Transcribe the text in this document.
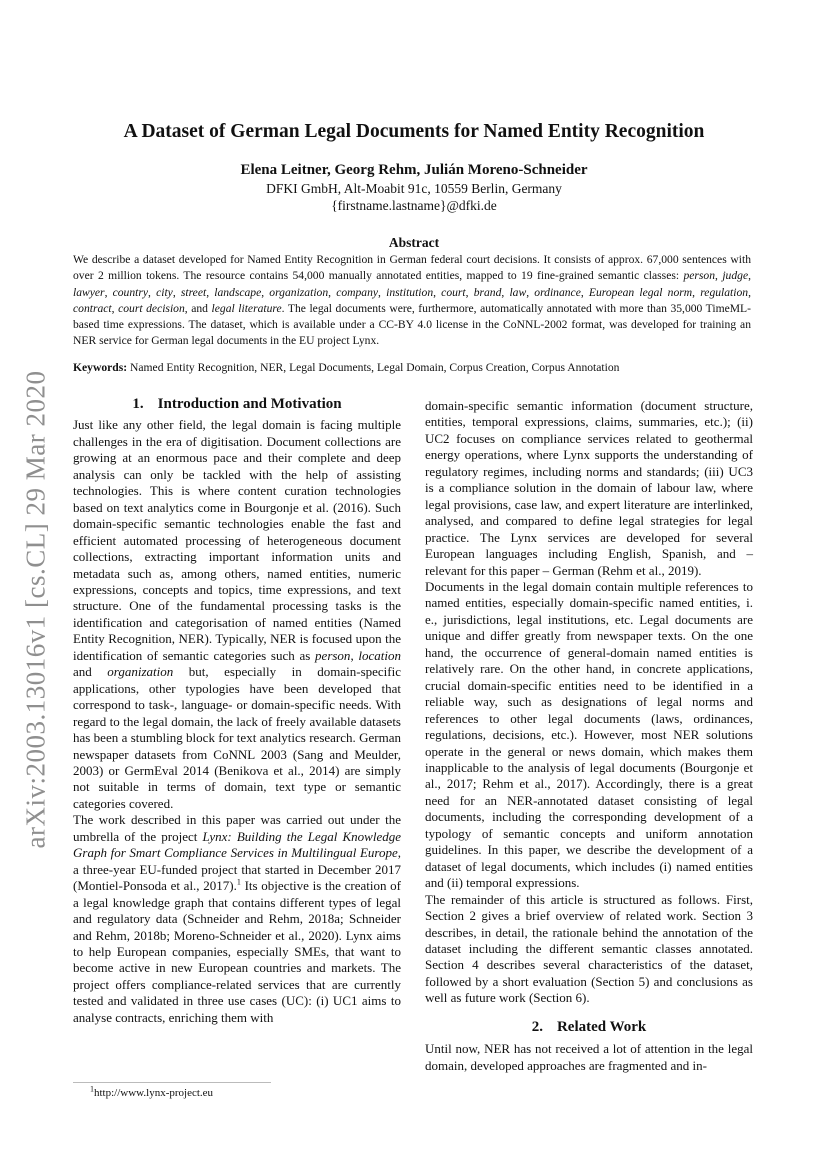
arXiv:2003.13016v1 [cs.CL] 29 Mar 2020
A Dataset of German Legal Documents for Named Entity Recognition
Elena Leitner, Georg Rehm, Julián Moreno-Schneider
DFKI GmbH, Alt-Moabit 91c, 10559 Berlin, Germany
{firstname.lastname}@dfki.de
Abstract

We describe a dataset developed for Named Entity Recognition in German federal court decisions. It consists of approx. 67,000 sentences with over 2 million tokens. The resource contains 54,000 manually annotated entities, mapped to 19 fine-grained semantic classes: person, judge, lawyer, country, city, street, landscape, organization, company, institution, court, brand, law, ordinance, European legal norm, regulation, contract, court decision, and legal literature. The legal documents were, furthermore, automatically annotated with more than 35,000 TimeML-based time expressions. The dataset, which is available under a CC-BY 4.0 license in the CoNNL-2002 format, was developed for training an NER service for German legal documents in the EU project Lynx.

Keywords: Named Entity Recognition, NER, Legal Documents, Legal Domain, Corpus Creation, Corpus Annotation

1. Introduction and Motivation

Just like any other field, the legal domain is facing multiple challenges in the era of digitisation. Document collections are growing at an enormous pace and their complete and deep analysis can only be tackled with the help of assisting technologies. This is where content curation technologies based on text analytics come in Bourgonje et al. (2016). Such domain-specific semantic technologies enable the fast and efficient automated processing of heterogeneous document collections, extracting important information units and metadata such as, among others, named entities, numeric expressions, concepts and topics, time expressions, and text structure. One of the fundamental processing tasks is the identification and categorisation of named entities (Named Entity Recognition, NER). Typically, NER is focused upon the identification of semantic categories such as person, location and organization but, especially in domain-specific applications, other typologies have been developed that correspond to task-, language- or domain-specific needs. With regard to the legal domain, the lack of freely available datasets has been a stumbling block for text analytics research. German newspaper datasets from CoNNL 2003 (Sang and Meulder, 2003) or GermEval 2014 (Benikova et al., 2014) are simply not suitable in terms of domain, text type or semantic categories covered.

The work described in this paper was carried out under the umbrella of the project Lynx: Building the Legal Knowledge Graph for Smart Compliance Services in Multilingual Europe, a three-year EU-funded project that started in December 2017 (Montiel-Ponsoda et al., 2017).$^1$ Its objective is the creation of a legal knowledge graph that contains different types of legal and regulatory data (Schneider and Rehm, 2018a; Schneider and Rehm, 2018b; Moreno-Schneider et al., 2020). Lynx aims to help European companies, especially SMEs, that want to become active in new European countries and markets. The project offers compliance-related services that are currently tested and validated in three use cases (UC): (i) UC1 aims to analyse contracts, enriching them with

domain-specific semantic information (document structure, entities, temporal expressions, claims, summaries, etc.); (ii) UC2 focuses on compliance services related to geothermal energy operations, where Lynx supports the understanding of regulatory regimes, including norms and standards; (iii) UC3 is a compliance solution in the domain of labour law, where legal provisions, case law, and expert literature are interlinked, analysed, and compared to define legal strategies for legal practice. The Lynx services are developed for several European languages including English, Spanish, and – relevant for this paper – German (Rehm et al., 2019).

Documents in the legal domain contain multiple references to named entities, especially domain-specific named entities, i. e., jurisdictions, legal institutions, etc. Legal documents are unique and differ greatly from newspaper texts. On the one hand, the occurrence of general-domain named entities is relatively rare. On the other hand, in concrete applications, crucial domain-specific entities need to be identified in a reliable way, such as designations of legal norms and references to other legal documents (laws, ordinances, regulations, decisions, etc.). However, most NER solutions operate in the general or news domain, which makes them inapplicable to the analysis of legal documents (Bourgonje et al., 2017; Rehm et al., 2017). Accordingly, there is a great need for an NER-annotated dataset consisting of legal documents, including the corresponding development of a typology of semantic concepts and uniform annotation guidelines. In this paper, we describe the development of a dataset of legal documents, which includes (i) named entities and (ii) temporal expressions.

The remainder of this article is structured as follows. First, Section 2 gives a brief overview of related work. Section 3 describes, in detail, the rationale behind the annotation of the dataset including the different semantic classes annotated. Section 4 describes several characteristics of the dataset, followed by a short evaluation (Section 5) and conclusions as well as future work (Section 6).

2. Related Work

Until now, NER has not received a lot of attention in the legal domain, developed approaches are fragmented and in-

$^1$http://www.lynx-project.eu
